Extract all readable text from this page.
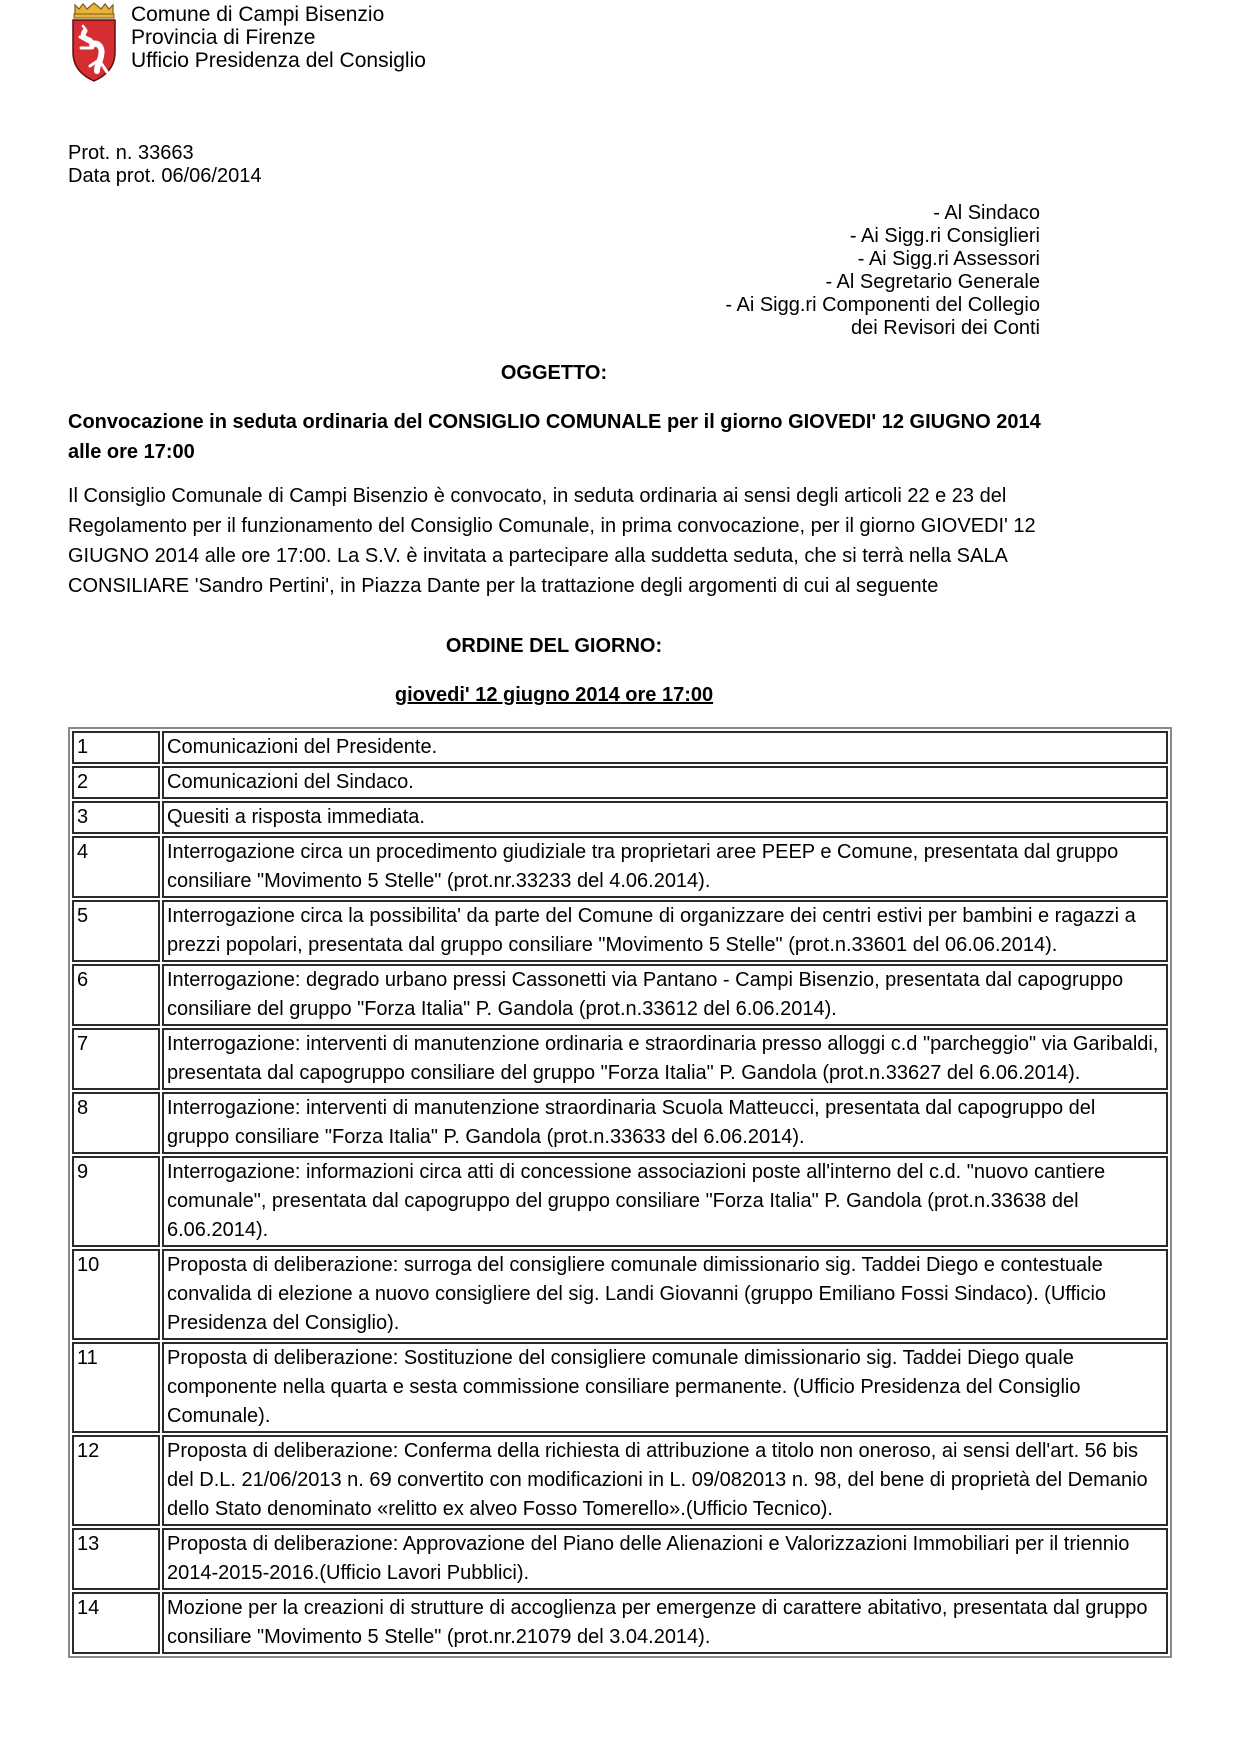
Comune di Campi Bisenzio
Provincia di Firenze
Ufficio Presidenza del Consiglio
Prot. n. 33663
Data prot. 06/06/2014
- Al Sindaco
- Ai Sigg.ri Consiglieri
- Ai Sigg.ri Assessori
- Al Segretario Generale
- Ai Sigg.ri Componenti del Collegio
dei Revisori dei Conti
OGGETTO:
Convocazione in seduta ordinaria del CONSIGLIO COMUNALE per il giorno GIOVEDI' 12 GIUGNO 2014 alle ore 17:00
Il Consiglio Comunale di Campi Bisenzio è convocato, in seduta ordinaria ai sensi degli articoli 22 e 23 del Regolamento per il funzionamento del Consiglio Comunale, in prima convocazione, per il giorno GIOVEDI' 12 GIUGNO 2014 alle ore 17:00. La S.V. è invitata a partecipare alla suddetta seduta, che si terrà nella SALA CONSILIARE 'Sandro Pertini', in Piazza Dante per la trattazione degli argomenti di cui al seguente
ORDINE DEL GIORNO:
giovedi' 12 giugno 2014 ore 17:00
1	Comunicazioni del Presidente.
2	Comunicazioni del Sindaco.
3	Quesiti a risposta immediata.
4	Interrogazione circa un procedimento giudiziale tra proprietari aree PEEP e Comune, presentata dal gruppo consiliare "Movimento 5 Stelle" (prot.nr.33233 del 4.06.2014).
5	Interrogazione circa la possibilita' da parte del Comune di organizzare dei centri estivi per bambini e ragazzi a prezzi popolari, presentata dal gruppo consiliare "Movimento 5 Stelle" (prot.n.33601 del 06.06.2014).
6	Interrogazione: degrado urbano pressi Cassonetti via Pantano - Campi Bisenzio, presentata dal capogruppo consiliare del gruppo "Forza Italia" P. Gandola (prot.n.33612 del 6.06.2014).
7	Interrogazione: interventi di manutenzione ordinaria e straordinaria presso alloggi c.d "parcheggio" via Garibaldi, presentata dal capogruppo consiliare del gruppo "Forza Italia" P. Gandola (prot.n.33627 del 6.06.2014).
8	Interrogazione: interventi di manutenzione straordinaria Scuola Matteucci, presentata dal capogruppo del gruppo consiliare "Forza Italia" P. Gandola (prot.n.33633 del 6.06.2014).
9	Interrogazione: informazioni circa atti di concessione associazioni poste all'interno del c.d. "nuovo cantiere comunale", presentata dal capogruppo del gruppo consiliare "Forza Italia" P. Gandola (prot.n.33638 del 6.06.2014).
10	Proposta di deliberazione: surroga del consigliere comunale dimissionario sig. Taddei Diego e contestuale convalida di elezione a nuovo consigliere del sig. Landi Giovanni (gruppo Emiliano Fossi Sindaco). (Ufficio Presidenza del Consiglio).
11	Proposta di deliberazione: Sostituzione del consigliere comunale dimissionario sig. Taddei Diego quale componente nella quarta e sesta commissione consiliare permanente. (Ufficio Presidenza del Consiglio Comunale).
12	Proposta di deliberazione: Conferma della richiesta di attribuzione a titolo non oneroso, ai sensi dell'art. 56 bis del D.L. 21/06/2013 n. 69 convertito con modificazioni in L. 09/082013 n. 98, del bene di proprietà del Demanio dello Stato denominato «relitto ex alveo Fosso Tomerello».(Ufficio Tecnico).
13	Proposta di deliberazione: Approvazione del Piano delle Alienazioni e Valorizzazioni Immobiliari per il triennio 2014-2015-2016.(Ufficio Lavori Pubblici).
14	Mozione per la creazioni di strutture di accoglienza per emergenze di carattere abitativo, presentata dal gruppo consiliare "Movimento 5 Stelle" (prot.nr.21079 del 3.04.2014).
